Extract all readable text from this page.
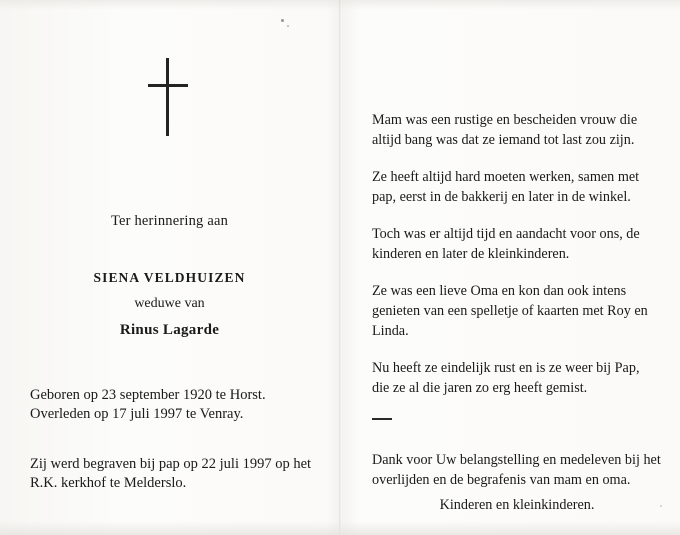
Ter herinnering aan
SIENA VELDHUIZEN
weduwe van
Rinus Lagarde
Geboren op 23 september 1920 te Horst.
Overleden op 17 juli 1997 te Venray.
Zij werd begraven bij pap op 22 juli 1997 op het R.K. kerkhof te Melderslo.

Mam was een rustige en bescheiden vrouw die altijd bang was dat ze iemand tot last zou zijn.

Ze heeft altijd hard moeten werken, samen met pap, eerst in de bakkerij en later in de winkel.

Toch was er altijd tijd en aandacht voor ons, de kinderen en later de kleinkinderen.

Ze was een lieve Oma en kon dan ook intens genieten van een spelletje of kaarten met Roy en Linda.

Nu heeft ze eindelijk rust en is ze weer bij Pap, die ze al die jaren zo erg heeft gemist.

Dank voor Uw belangstelling en medeleven bij het overlijden en de begrafenis van mam en oma.
Kinderen en kleinkinderen.
